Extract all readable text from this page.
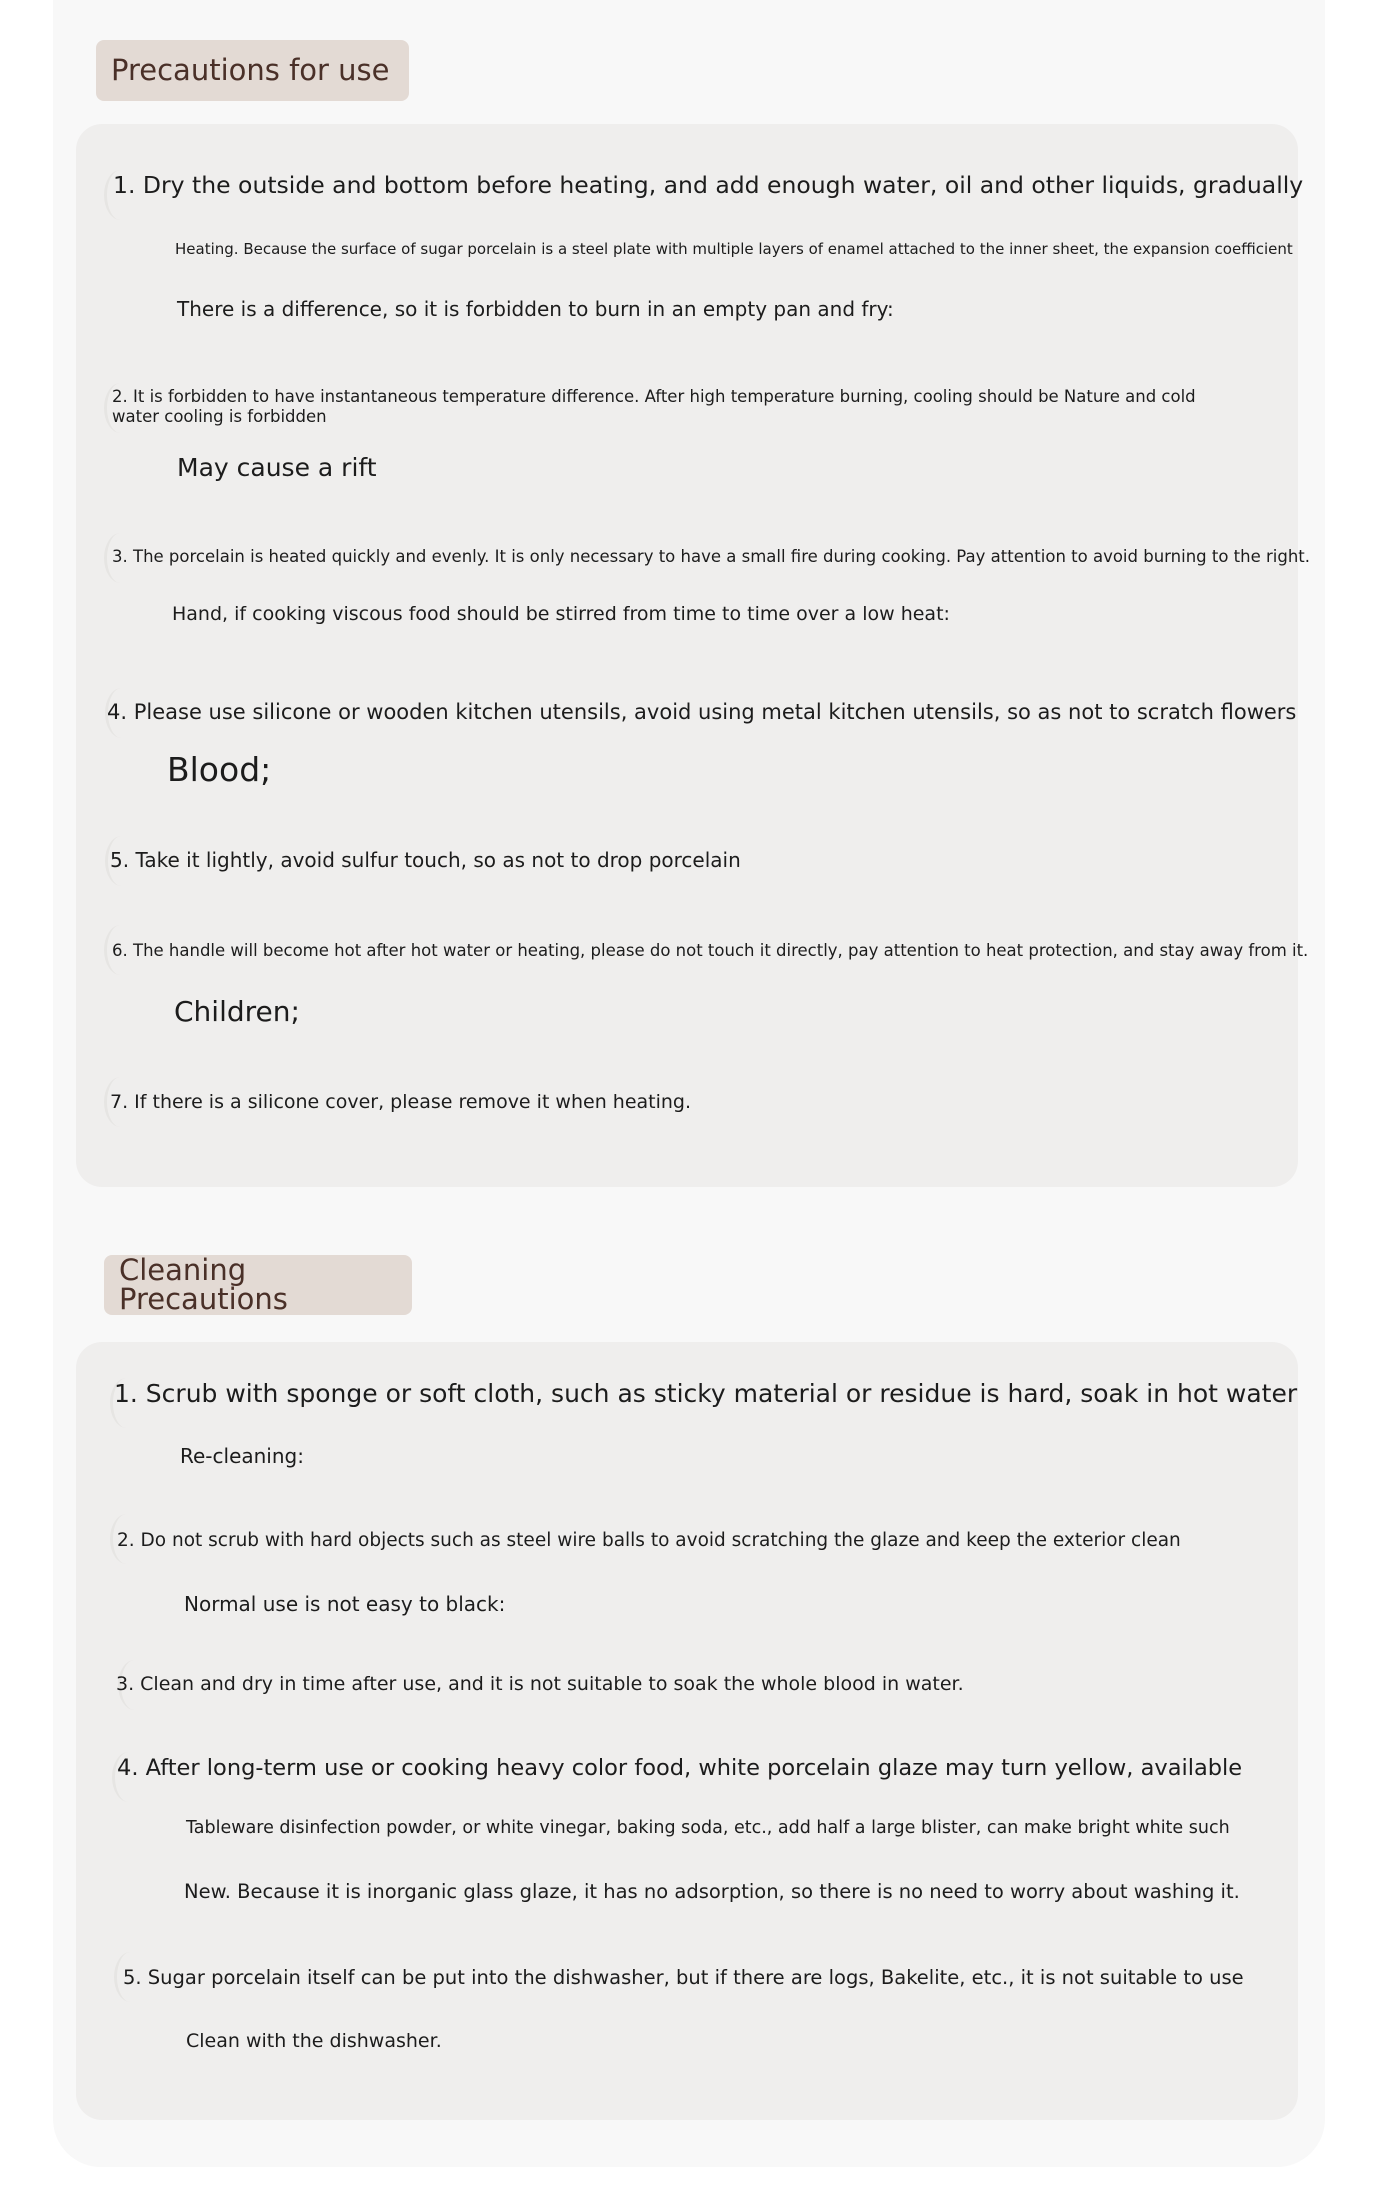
Precautions for use
1. Dry the outside and bottom before heating, and add enough water, oil and other liquids, gradually
Heating. Because the surface of sugar porcelain is a steel plate with multiple layers of enamel attached to the inner sheet, the expansion coefficient
There is a difference, so it is forbidden to burn in an empty pan and fry:
2. It is forbidden to have instantaneous temperature difference. After high temperature burning, cooling should be Nature and cold water cooling is forbidden
May cause a rift
3. The porcelain is heated quickly and evenly. It is only necessary to have a small fire during cooking. Pay attention to avoid burning to the right.
Hand, if cooking viscous food should be stirred from time to time over a low heat:
4. Please use silicone or wooden kitchen utensils, avoid using metal kitchen utensils, so as not to scratch flowers
Blood;
5. Take it lightly, avoid sulfur touch, so as not to drop porcelain
6. The handle will become hot after hot water or heating, please do not touch it directly, pay attention to heat protection, and stay away from it.
Children;
7. If there is a silicone cover, please remove it when heating.
Cleaning Precautions
1. Scrub with sponge or soft cloth, such as sticky material or residue is hard, soak in hot water
Re-cleaning:
2. Do not scrub with hard objects such as steel wire balls to avoid scratching the glaze and keep the exterior clean
Normal use is not easy to black:
3. Clean and dry in time after use, and it is not suitable to soak the whole blood in water.
4. After long-term use or cooking heavy color food, white porcelain glaze may turn yellow, available
Tableware disinfection powder, or white vinegar, baking soda, etc., add half a large blister, can make bright white such
New. Because it is inorganic glass glaze, it has no adsorption, so there is no need to worry about washing it.
5. Sugar porcelain itself can be put into the dishwasher, but if there are logs, Bakelite, etc., it is not suitable to use
Clean with the dishwasher.
